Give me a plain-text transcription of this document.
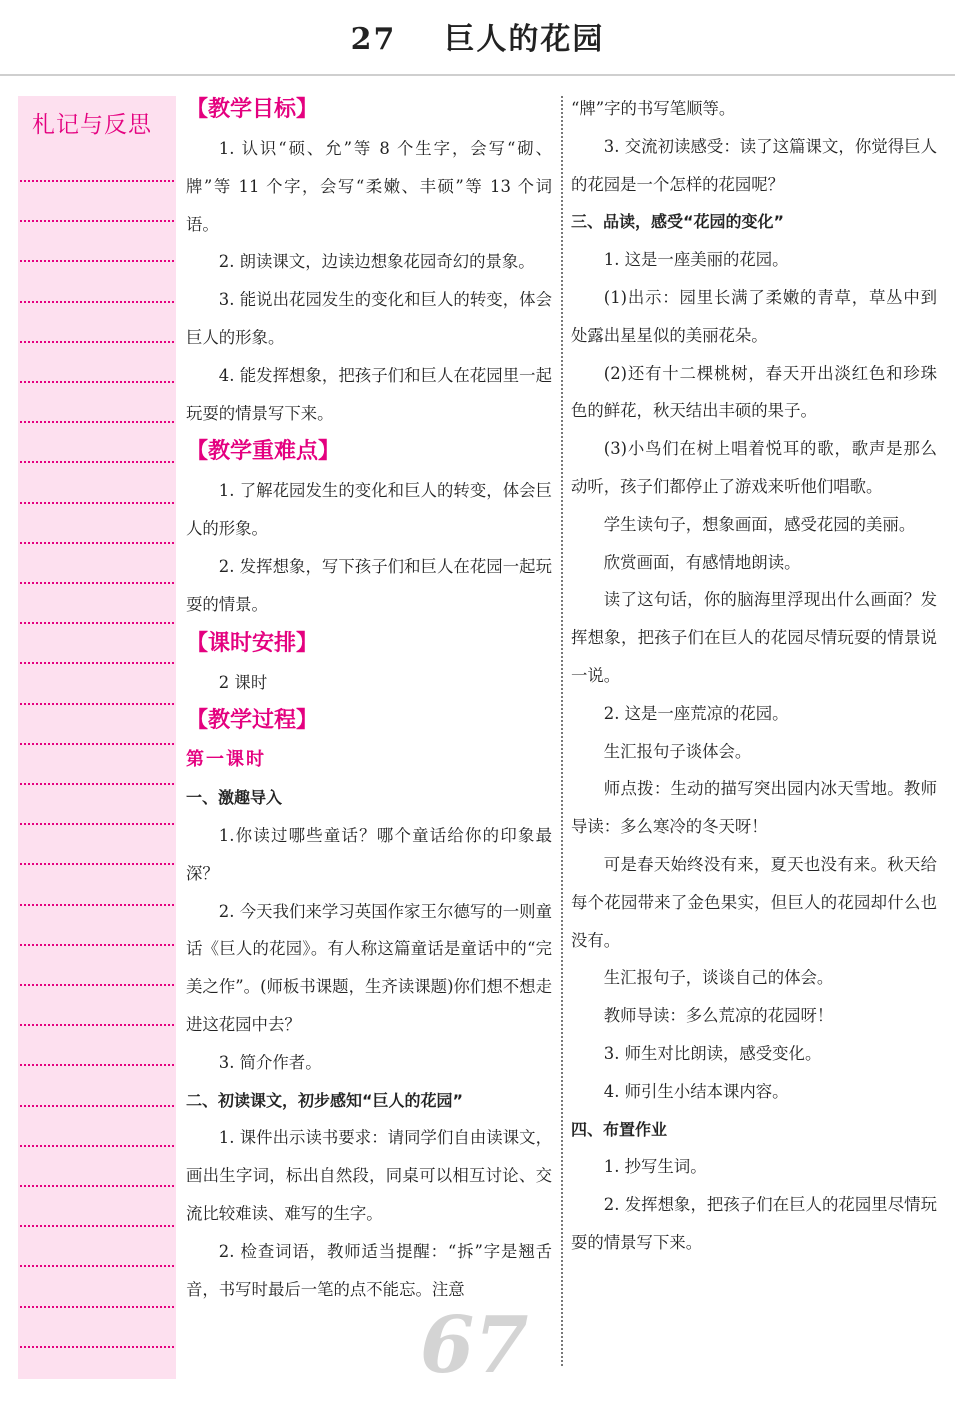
27 巨人的花园
札记与反思

【教学目标】

1. 认识“硕、允”等 8 个生字，会写“砌、牌”等 11 个字，会写“柔嫩、丰硕”等 13 个词语。

2. 朗读课文，边读边想象花园奇幻的景象。

3. 能说出花园发生的变化和巨人的转变，体会巨人的形象。

4. 能发挥想象，把孩子们和巨人在花园里一起玩耍的情景写下来。

【教学重难点】

1. 了解花园发生的变化和巨人的转变，体会巨人的形象。

2. 发挥想象，写下孩子们和巨人在花园一起玩耍的情景。

【课时安排】

2 课时

【教学过程】

第一课时

一、激趣导入

1.你读过哪些童话？哪个童话给你的印象最深？

2. 今天我们来学习英国作家王尔德写的一则童话《巨人的花园》。有人称这篇童话是童话中的“完美之作”。(师板书课题，生齐读课题)你们想不想走进这花园中去？

3. 简介作者。

二、初读课文，初步感知“巨人的花园”

1. 课件出示读书要求：请同学们自由读课文，画出生字词，标出自然段，同桌可以相互讨论、交流比较难读、难写的生字。

2. 检查词语，教师适当提醒：“拆”字是翘舌音，书写时最后一笔的点不能忘。注意

“牌”字的书写笔顺等。

3. 交流初读感受：读了这篇课文，你觉得巨人的花园是一个怎样的花园呢？

三、品读，感受“花园的变化”

1. 这是一座美丽的花园。

(1)出示：园里长满了柔嫩的青草，草丛中到处露出星星似的美丽花朵。

(2)还有十二棵桃树，春天开出淡红色和珍珠色的鲜花，秋天结出丰硕的果子。

(3)小鸟们在树上唱着悦耳的歌，歌声是那么动听，孩子们都停止了游戏来听他们唱歌。

学生读句子，想象画面，感受花园的美丽。

欣赏画面，有感情地朗读。

读了这句话，你的脑海里浮现出什么画面？发挥想象，把孩子们在巨人的花园尽情玩耍的情景说一说。

2. 这是一座荒凉的花园。

生汇报句子谈体会。

师点拨：生动的描写突出园内冰天雪地。教师导读：多么寒冷的冬天呀！

可是春天始终没有来，夏天也没有来。秋天给每个花园带来了金色果实，但巨人的花园却什么也没有。

生汇报句子，谈谈自己的体会。

教师导读：多么荒凉的花园呀！

3. 师生对比朗读，感受变化。

4. 师引生小结本课内容。

四、布置作业

1. 抄写生词。

2. 发挥想象，把孩子们在巨人的花园里尽情玩耍的情景写下来。

67
